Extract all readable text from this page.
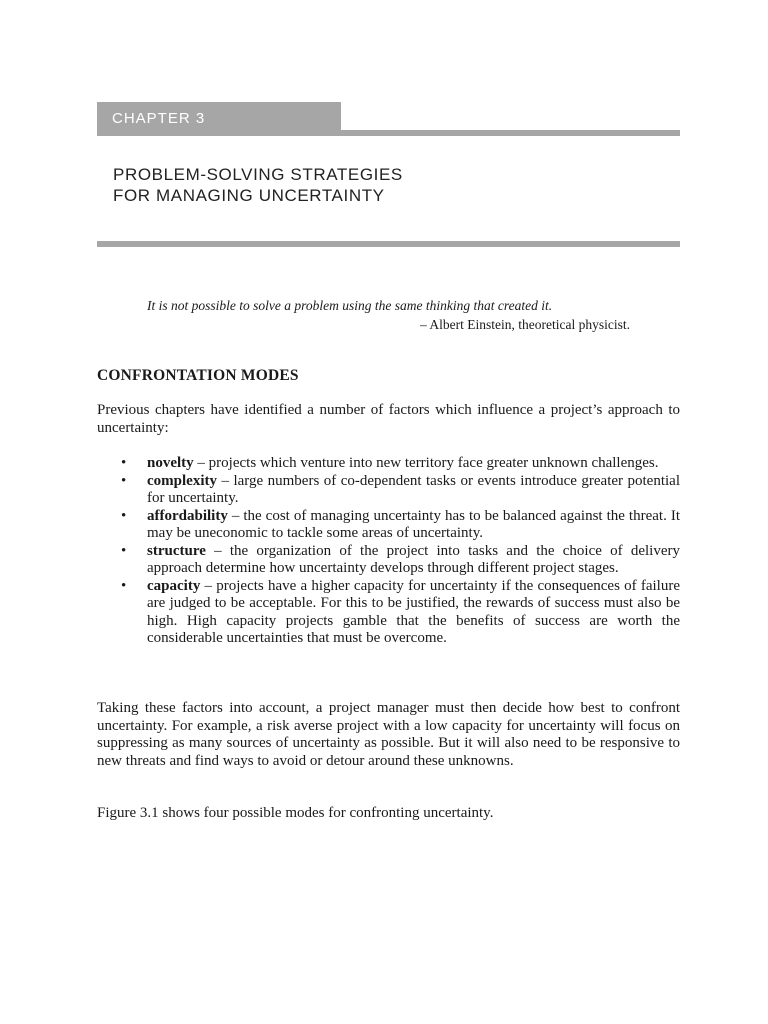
CHAPTER 3
PROBLEM-SOLVING STRATEGIES
FOR MANAGING UNCERTAINTY
It is not possible to solve a problem using the same thinking that created it.
– Albert Einstein, theoretical physicist.
CONFRONTATION MODES
Previous chapters have identified a number of factors which influence a project’s approach to uncertainty:
• novelty – projects which venture into new territory face greater unknown challenges.
• complexity – large numbers of co-dependent tasks or events introduce greater potential for uncertainty.
• affordability – the cost of managing uncertainty has to be balanced against the threat. It may be uneconomic to tackle some areas of uncertainty.
• structure – the organization of the project into tasks and the choice of delivery approach determine how uncertainty develops through different project stages.
• capacity – projects have a higher capacity for uncertainty if the consequences of failure are judged to be acceptable. For this to be justified, the rewards of success must also be high. High capacity projects gamble that the benefits of success are worth the considerable uncertainties that must be overcome.
Taking these factors into account, a project manager must then decide how best to confront uncertainty. For example, a risk averse project with a low capacity for uncertainty will focus on suppressing as many sources of uncertainty as possible. But it will also need to be responsive to new threats and find ways to avoid or detour around these unknowns.
Figure 3.1 shows four possible modes for confronting uncertainty.
